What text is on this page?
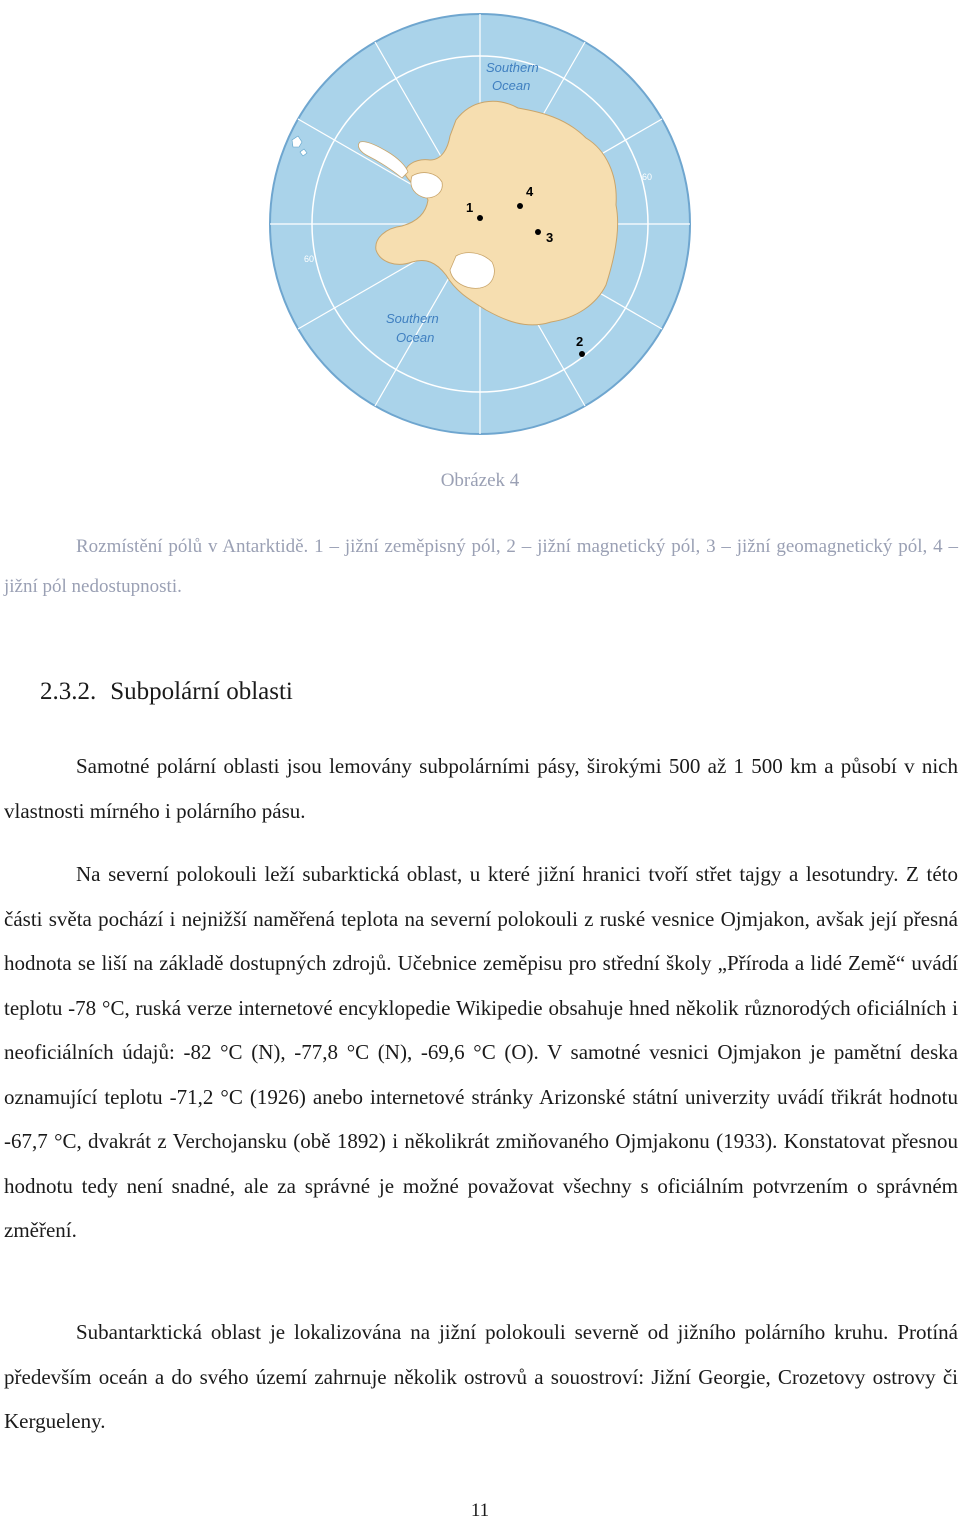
Southern
Ocean
Southern
Ocean
60
60
1
2
3
4
Obrázek 4
Rozmístění pólů v Antarktidě. 1 – jižní zeměpisný pól, 2 – jižní magnetický pól, 3 – jižní geomagnetický pól, 4 – jižní pól nedostupnosti.
2.3.2. Subpolární oblasti

Samotné polární oblasti jsou lemovány subpolárními pásy, širokými 500 až 1 500 km a působí v nich vlastnosti mírného i polárního pásu.

Na severní polokouli leží subarktická oblast, u které jižní hranici tvoří střet tajgy a lesotundry. Z této části světa pochází i nejnižší naměřená teplota na severní polokouli z ruské vesnice Ojmjakon, avšak její přesná hodnota se liší na základě dostupných zdrojů. Učebnice zeměpisu pro střední školy „Příroda a lidé Země“ uvádí teplotu -78 °C, ruská verze internetové encyklopedie Wikipedie obsahuje hned několik různorodých oficiálních i neoficiálních údajů: -82 °C (N), -77,8 °C (N), -69,6 °C (O). V samotné vesnici Ojmjakon je pamětní deska oznamující teplotu -71,2 °C (1926) anebo internetové stránky Arizonské státní univerzity uvádí třikrát hodnotu -67,7 °C, dvakrát z Verchojansku (obě 1892) i několikrát zmiňovaného Ojmjakonu (1933). Konstatovat přesnou hodnotu tedy není snadné, ale za správné je možné považovat všechny s oficiálním potvrzením o správném změření.

Subantarktická oblast je lokalizována na jižní polokouli severně od jižního polárního kruhu. Protíná především oceán a do svého území zahrnuje několik ostrovů a souostroví: Jižní Georgie, Crozetovy ostrovy či Kergueleny.

11
